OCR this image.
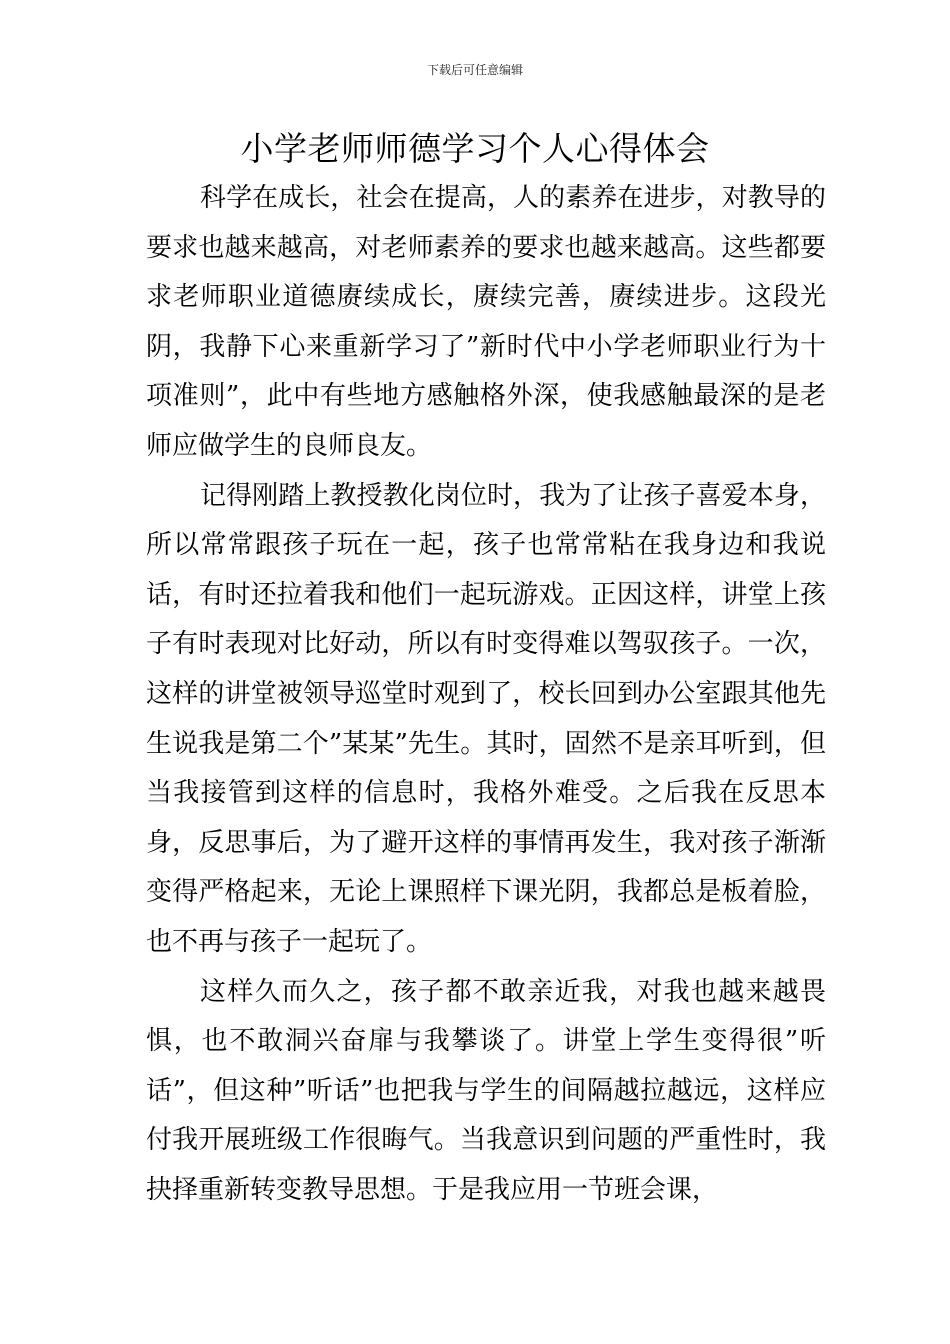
下载后可任意编辑
小学老师师德学习个人心得体会

科学在成长，社会在提高，人的素养在进步，对教导的要求也越来越高，对老师素养的要求也越来越高。这些都要求老师职业道德赓续成长，赓续完善，赓续进步。这段光阴，我静下心来重新学习了”新时代中小学老师职业行为十项准则”，此中有些地方感触格外深，使我感触最深的是老师应做学生的良师良友。

记得刚踏上教授教化岗位时，我为了让孩子喜爱本身，所以常常跟孩子玩在一起，孩子也常常粘在我身边和我说话，有时还拉着我和他们一起玩游戏。正因这样，讲堂上孩子有时表现对比好动，所以有时变得难以驾驭孩子。一次，这样的讲堂被领导巡堂时观到了，校长回到办公室跟其他先生说我是第二个”某某”先生。其时，固然不是亲耳听到，但当我接管到这样的信息时，我格外难受。之后我在反思本身，反思事后，为了避开这样的事情再发生，我对孩子渐渐变得严格起来，无论上课照样下课光阴，我都总是板着脸，也不再与孩子一起玩了。

这样久而久之，孩子都不敢亲近我，对我也越来越畏惧，也不敢洞兴奋扉与我攀谈了。讲堂上学生变得很”听话”，但这种”听话”也把我与学生的间隔越拉越远，这样应付我开展班级工作很晦气。当我意识到问题的严重性时，我抉择重新转变教导思想。于是我应用一节班会课，
